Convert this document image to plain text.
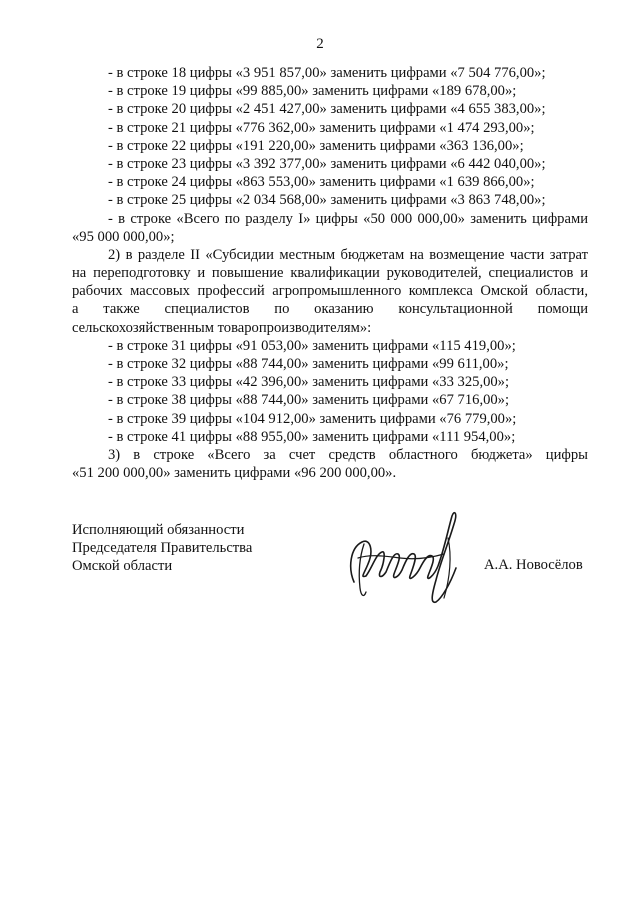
2
- в строке 18 цифры «3 951 857,00» заменить цифрами «7 504 776,00»;
- в строке 19 цифры «99 885,00» заменить цифрами «189 678,00»;
- в строке 20 цифры «2 451 427,00» заменить цифрами «4 655 383,00»;
- в строке 21 цифры «776 362,00» заменить цифрами «1 474 293,00»;
- в строке 22 цифры «191 220,00» заменить цифрами «363 136,00»;
- в строке 23 цифры «3 392 377,00» заменить цифрами «6 442 040,00»;
- в строке 24 цифры «863 553,00» заменить цифрами «1 639 866,00»;
- в строке 25 цифры «2 034 568,00» заменить цифрами «3 863 748,00»;
- в строке «Всего по разделу I» цифры «50 000 000,00» заменить цифрами
«95 000 000,00»;
2) в разделе II «Субсидии местным бюджетам на возмещение части затрат
на переподготовку и повышение квалификации руководителей, специалистов и
рабочих массовых профессий агропромышленного комплекса Омской области,
а также специалистов по оказанию консультационной помощи
сельскохозяйственным товаропроизводителям»:
- в строке 31 цифры «91 053,00» заменить цифрами «115 419,00»;
- в строке 32 цифры «88 744,00» заменить цифрами «99 611,00»;
- в строке 33 цифры «42 396,00» заменить цифрами «33 325,00»;
- в строке 38 цифры «88 744,00» заменить цифрами «67 716,00»;
- в строке 39 цифры «104 912,00» заменить цифрами «76 779,00»;
- в строке 41 цифры «88 955,00» заменить цифрами «111 954,00»;
3) в строке «Всего за счет средств областного бюджета» цифры
«51 200 000,00» заменить цифрами «96 200 000,00».
Исполняющий обязанности
Председателя Правительства
Омской области	А.А. Новосёлов
